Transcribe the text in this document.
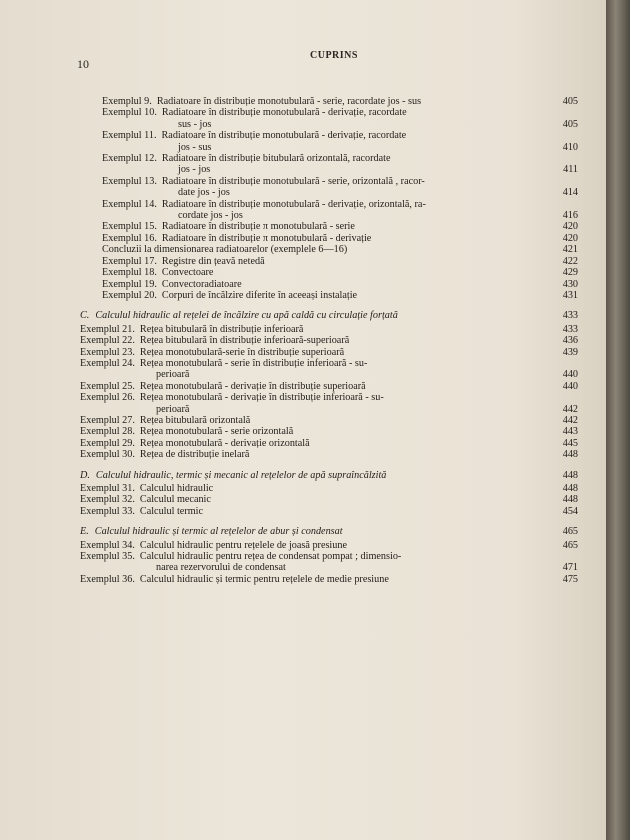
10
CUPRINS
Exemplul 9. Radiatoare în distribuție monotubulară - serie, racordate jos - sus	405
Exemplul 10. Radiatoare în distribuție monotubulară - derivație, racordate
sus - jos	405
Exemplul 11. Radiatoare în distribuție monotubulară - derivație, racordate
jos - sus	410
Exemplul 12. Radiatoare în distribuție bitubulară orizontală, racordate
jos - jos	411
Exemplul 13. Radiatoare în distribuție monotubulară - serie, orizontală , racor-
date jos - jos	414
Exemplul 14. Radiatoare în distribuție monotubulară - derivație, orizontală, ra-
cordate jos - jos	416
Exemplul 15. Radiatoare în distribuție π monotubulară - serie	420
Exemplul 16. Radiatoare în distribuție π monotubulară - derivație	420
Concluzii la dimensionarea radiatoarelor (exemplele 6—16)	421
Exemplul 17. Registre din țeavă netedă	422
Exemplul 18. Convectoare	429
Exemplul 19. Convectoradiatoare	430
Exemplul 20. Corpuri de încălzire diferite în aceeași instalație	431
C. Calculul hidraulic al rețelei de încălzire cu apă caldă cu circulație forțată	433
Exemplul 21. Rețea bitubulară în distribuție inferioară	433
Exemplul 22. Rețea bitubulară în distribuție inferioară-superioară	436
Exemplul 23. Rețea monotubulară-serie în distribuție superioară	439
Exemplul 24. Rețea monotubulară - serie în distribuție inferioară - su-
perioară	440
Exemplul 25. Rețea monotubulară - derivație în distribuție superioară	440
Exemplul 26. Rețea monotubulară - derivație în distribuție inferioară - su-
perioară	442
Exemplul 27. Rețea bitubulară orizontală	442
Exemplul 28. Rețea monotubulară - serie orizontală	443
Exemplul 29. Rețea monotubulară - derivație orizontală	445
Exemplul 30. Rețea de distribuție inelară	448
D. Calculul hidraulic, termic și mecanic al rețelelor de apă supraîncălzită	448
Exemplul 31. Calculul hidraulic	448
Exemplul 32. Calculul mecanic	448
Exemplul 33. Calculul termic	454
E. Calculul hidraulic și termic al rețelelor de abur și condensat	465
Exemplul 34. Calculul hidraulic pentru rețelele de joasă presiune	465
Exemplul 35. Calculul hidraulic pentru rețea de condensat pompat ; dimensio-
narea rezervorului de condensat	471
Exemplul 36. Calculul hidraulic și termic pentru rețelele de medie presiune	475
